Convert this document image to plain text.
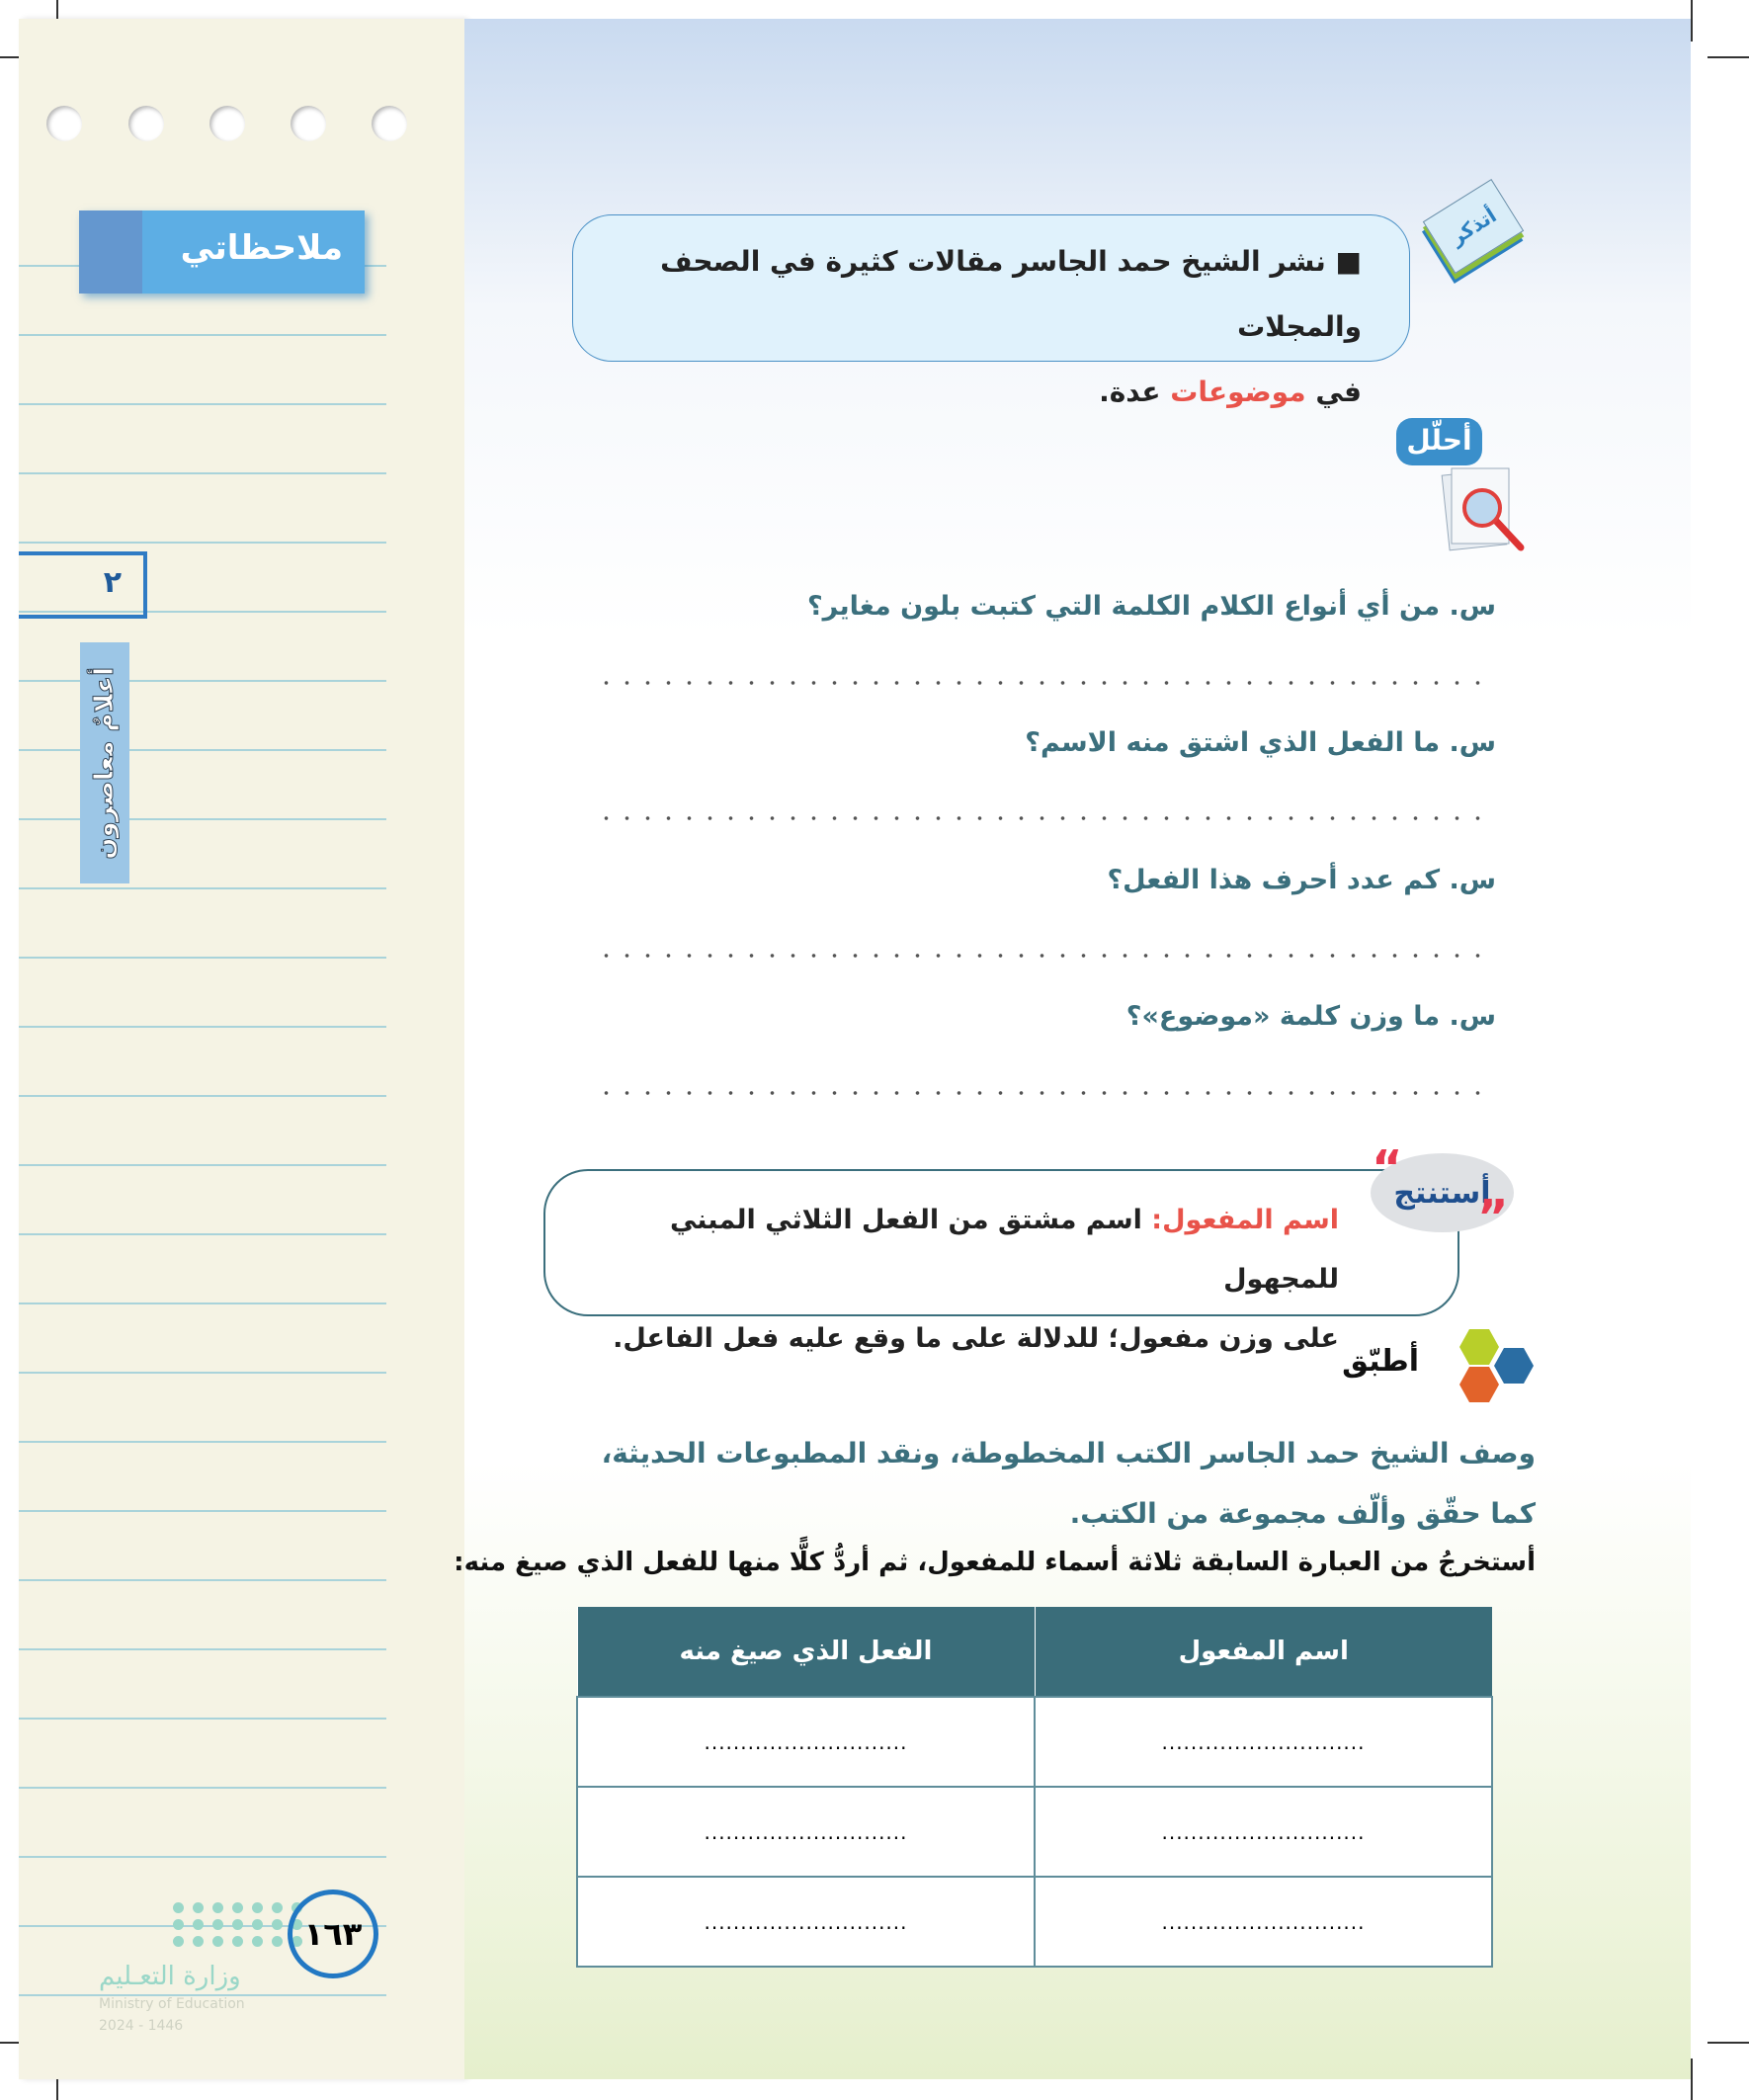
ملاحظاتي
٢
أعلامٌ معاصرون
١٦٣
وزارة التعـليم
Ministry of Education
2024 - 1446
أتذكر
■ نشر الشيخ حمد الجاسر مقالات كثيرة في الصحف والمجلات
في موضوعات عدة.
أحلّل
س. من أي أنواع الكلام الكلمة التي كتبت بلون مغاير؟
س. ما الفعل الذي اشتق منه الاسم؟
س. كم عدد أحرف هذا الفعل؟
س. ما وزن كلمة «موضوع»؟
اسم المفعول: اسم مشتق من الفعل الثلاثي المبني للمجهول
على وزن مفعول؛ للدلالة على ما وقع عليه فعل الفاعل.
أستنتج
“
”
أطبّق
وصف الشيخ حمد الجاسر الكتب المخطوطة، ونقد المطبوعات الحديثة، كما حقّق وألّف مجموعة من الكتب.
أستخرجُ من العبارة السابقة ثلاثة أسماء للمفعول، ثم أردُّ كلًّا منها للفعل الذي صيغ منه:
اسم المفعول	الفعل الذي صيغ منه
............................	............................
............................	............................
............................	............................
